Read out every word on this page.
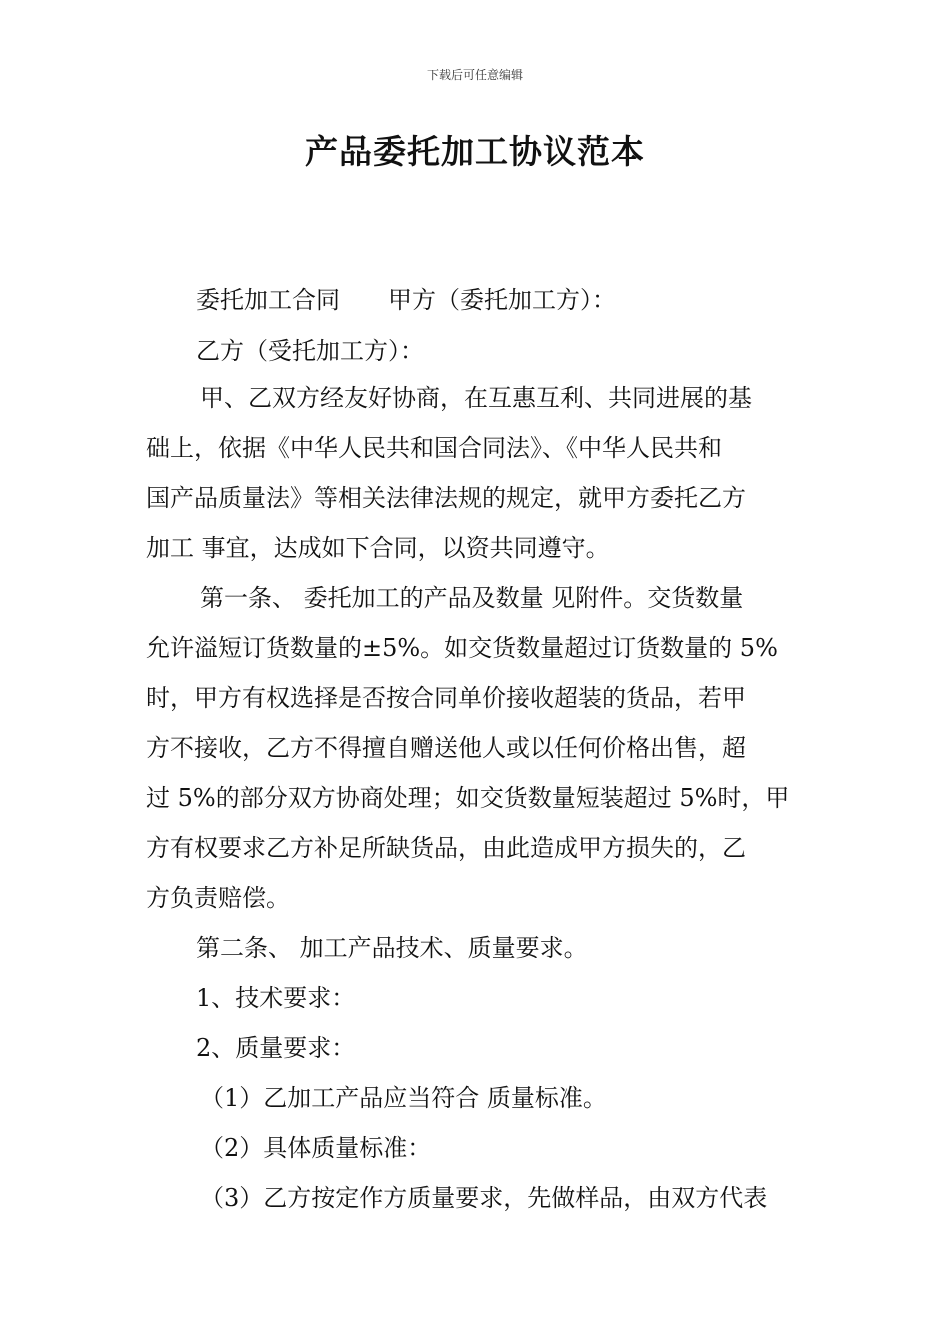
下载后可任意编辑
产品委托加工协议范本
委托加工合同 甲方（委托加工方）：
乙方（受托加工方）：
甲、乙双方经友好协商，在互惠互利、共同进展的基
础上，依据《中华人民共和国合同法》、《中华人民共和
国产品质量法》等相关法律法规的规定，就甲方委托乙方
加工 事宜，达成如下合同，以资共同遵守。
第一条、 委托加工的产品及数量 见附件。交货数量
允许溢短订货数量的±5%。如交货数量超过订货数量的 5%
时，甲方有权选择是否按合同单价接收超装的货品，若甲
方不接收，乙方不得擅自赠送他人或以任何价格出售，超
过 5%的部分双方协商处理；如交货数量短装超过 5%时，甲
方有权要求乙方补足所缺货品，由此造成甲方损失的，乙
方负责赔偿。
第二条、 加工产品技术、质量要求。
1、技术要求：
2、质量要求：
（1）乙加工产品应当符合 质量标准。
（2）具体质量标准：
（3）乙方按定作方质量要求，先做样品，由双方代表
